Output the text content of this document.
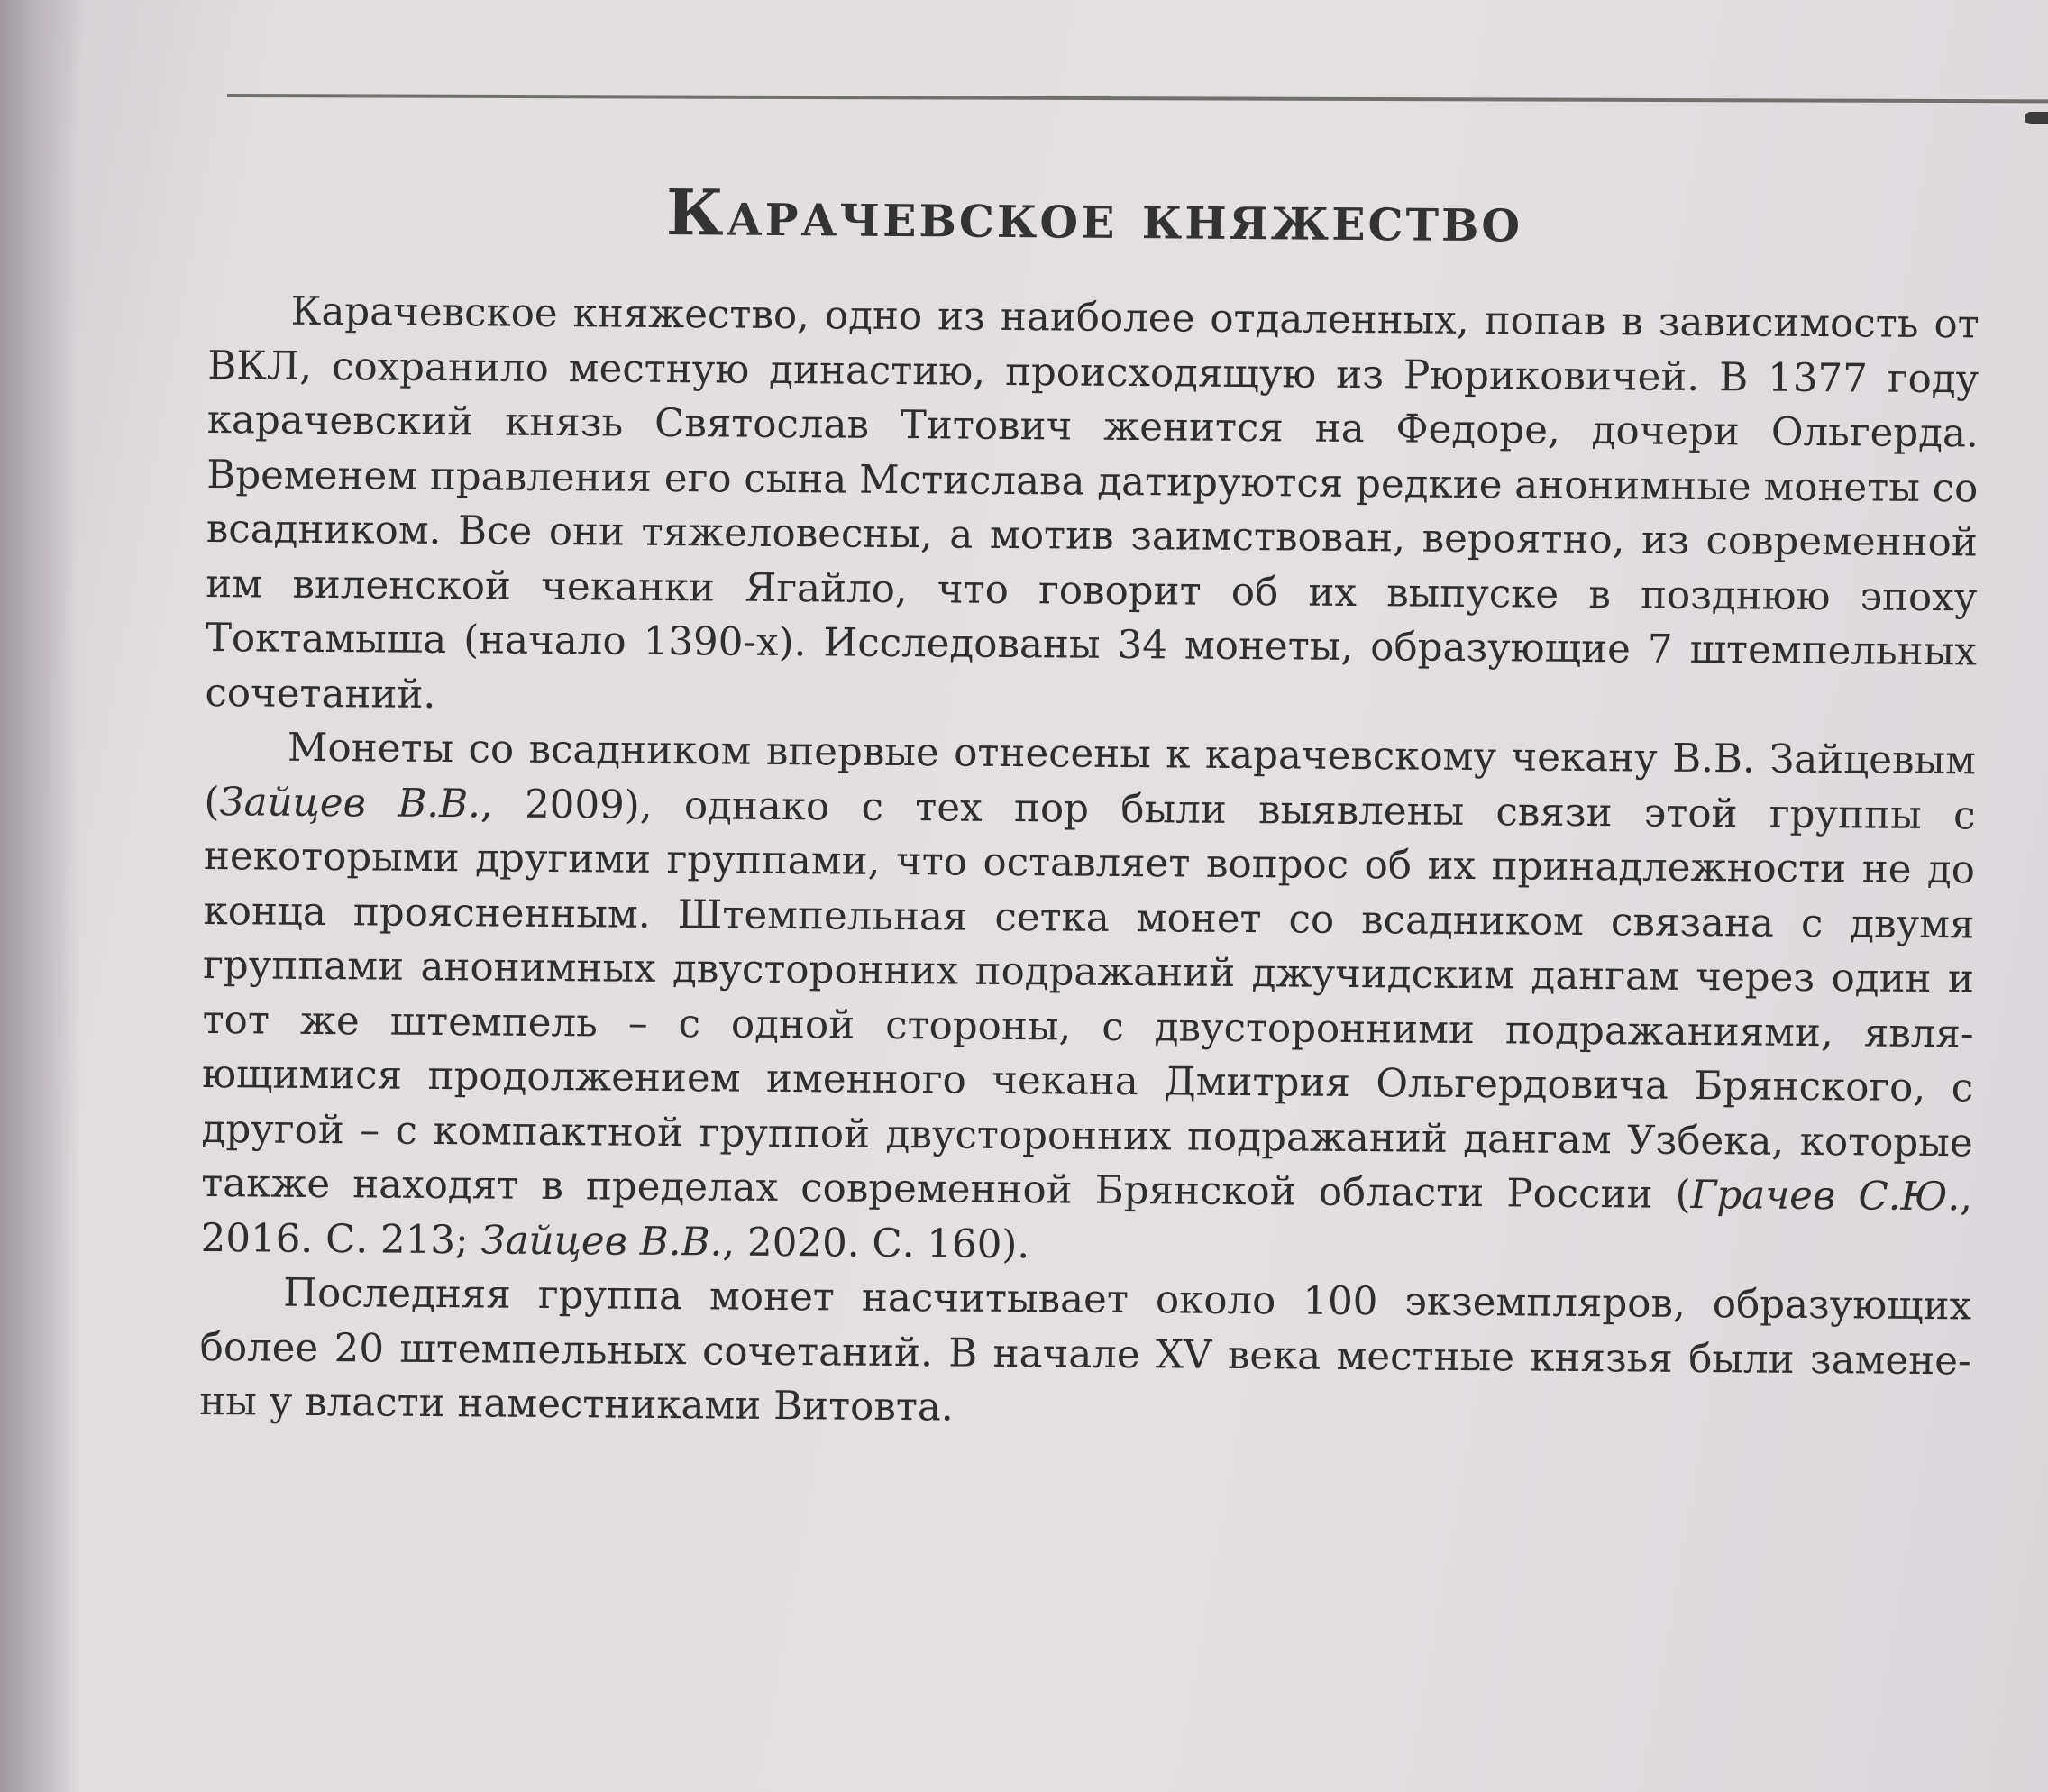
Карачевское княжество

Карачевское княжество, одно из наиболее отдаленных, попав в зависимость от ВКЛ, сохранило местную династию, происходящую из Рюриковичей. В 1377 году карачевский князь Святослав Титович женится на Федоре, дочери Ольгерда. Временем правления его сына Мстислава датируются редкие анонимные монеты со всадником. Все они тяжеловесны, а мотив заимствован, вероятно, из современной им виленской чеканки Ягайло, что говорит об их выпуске в позднюю эпоху Токтамыша (начало 1390-х). Исследованы 34 монеты, образующие 7 штемпельных сочетаний.

Монеты со всадником впервые отнесены к карачевскому чекану В.В. Зайцевым (Зайцев В.В., 2009), однако с тех пор были выявлены связи этой группы с некоторыми другими группами, что оставляет вопрос об их принадлежности не до конца проясненным. Штемпельная сетка монет со всадником связана с двумя группами анонимных двусторонних подражаний джучидским дангам через один и тот же штемпель – с одной стороны, с двусторонними подражаниями, являющимися продолжением именного чекана Дмитрия Ольгердовича Брянского, с другой – с компактной группой двусторонних подражаний дангам Узбека, которые также находят в пределах современной Брянской области России (Грачев С.Ю., 2016. С. 213; Зайцев В.В., 2020. С. 160).

Последняя группа монет насчитывает около 100 экземпляров, образующих более 20 штемпельных сочетаний. В начале XV века местные князья были заменены у власти наместниками Витовта.
